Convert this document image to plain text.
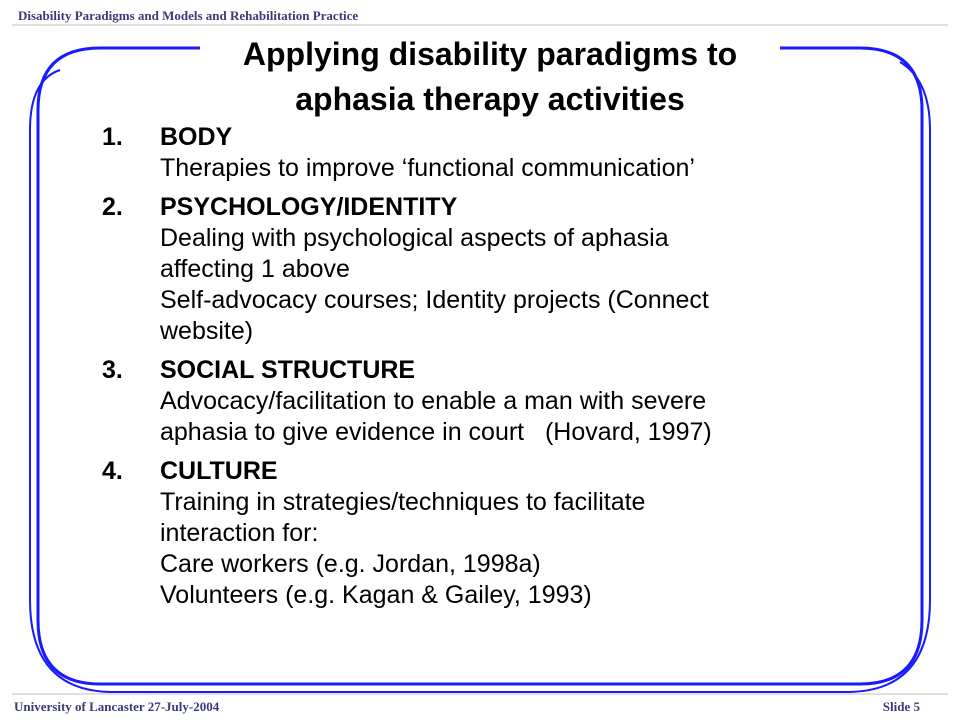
Disability Paradigms and Models and Rehabilitation Practice
Applying disability paradigms to
aphasia therapy activities
1. BODY
Therapies to improve ‘functional communication’
2. PSYCHOLOGY/IDENTITY
Dealing with psychological aspects of aphasia
affecting 1 above
Self-advocacy courses; Identity projects (Connect
website)
3. SOCIAL STRUCTURE
Advocacy/facilitation to enable a man with severe
aphasia to give evidence in court   (Hovard, 1997)
4. CULTURE
Training in strategies/techniques to facilitate
interaction for:
Care workers (e.g. Jordan, 1998a)
Volunteers (e.g. Kagan & Gailey, 1993)
University of Lancaster 27-July-2004	Slide 5
